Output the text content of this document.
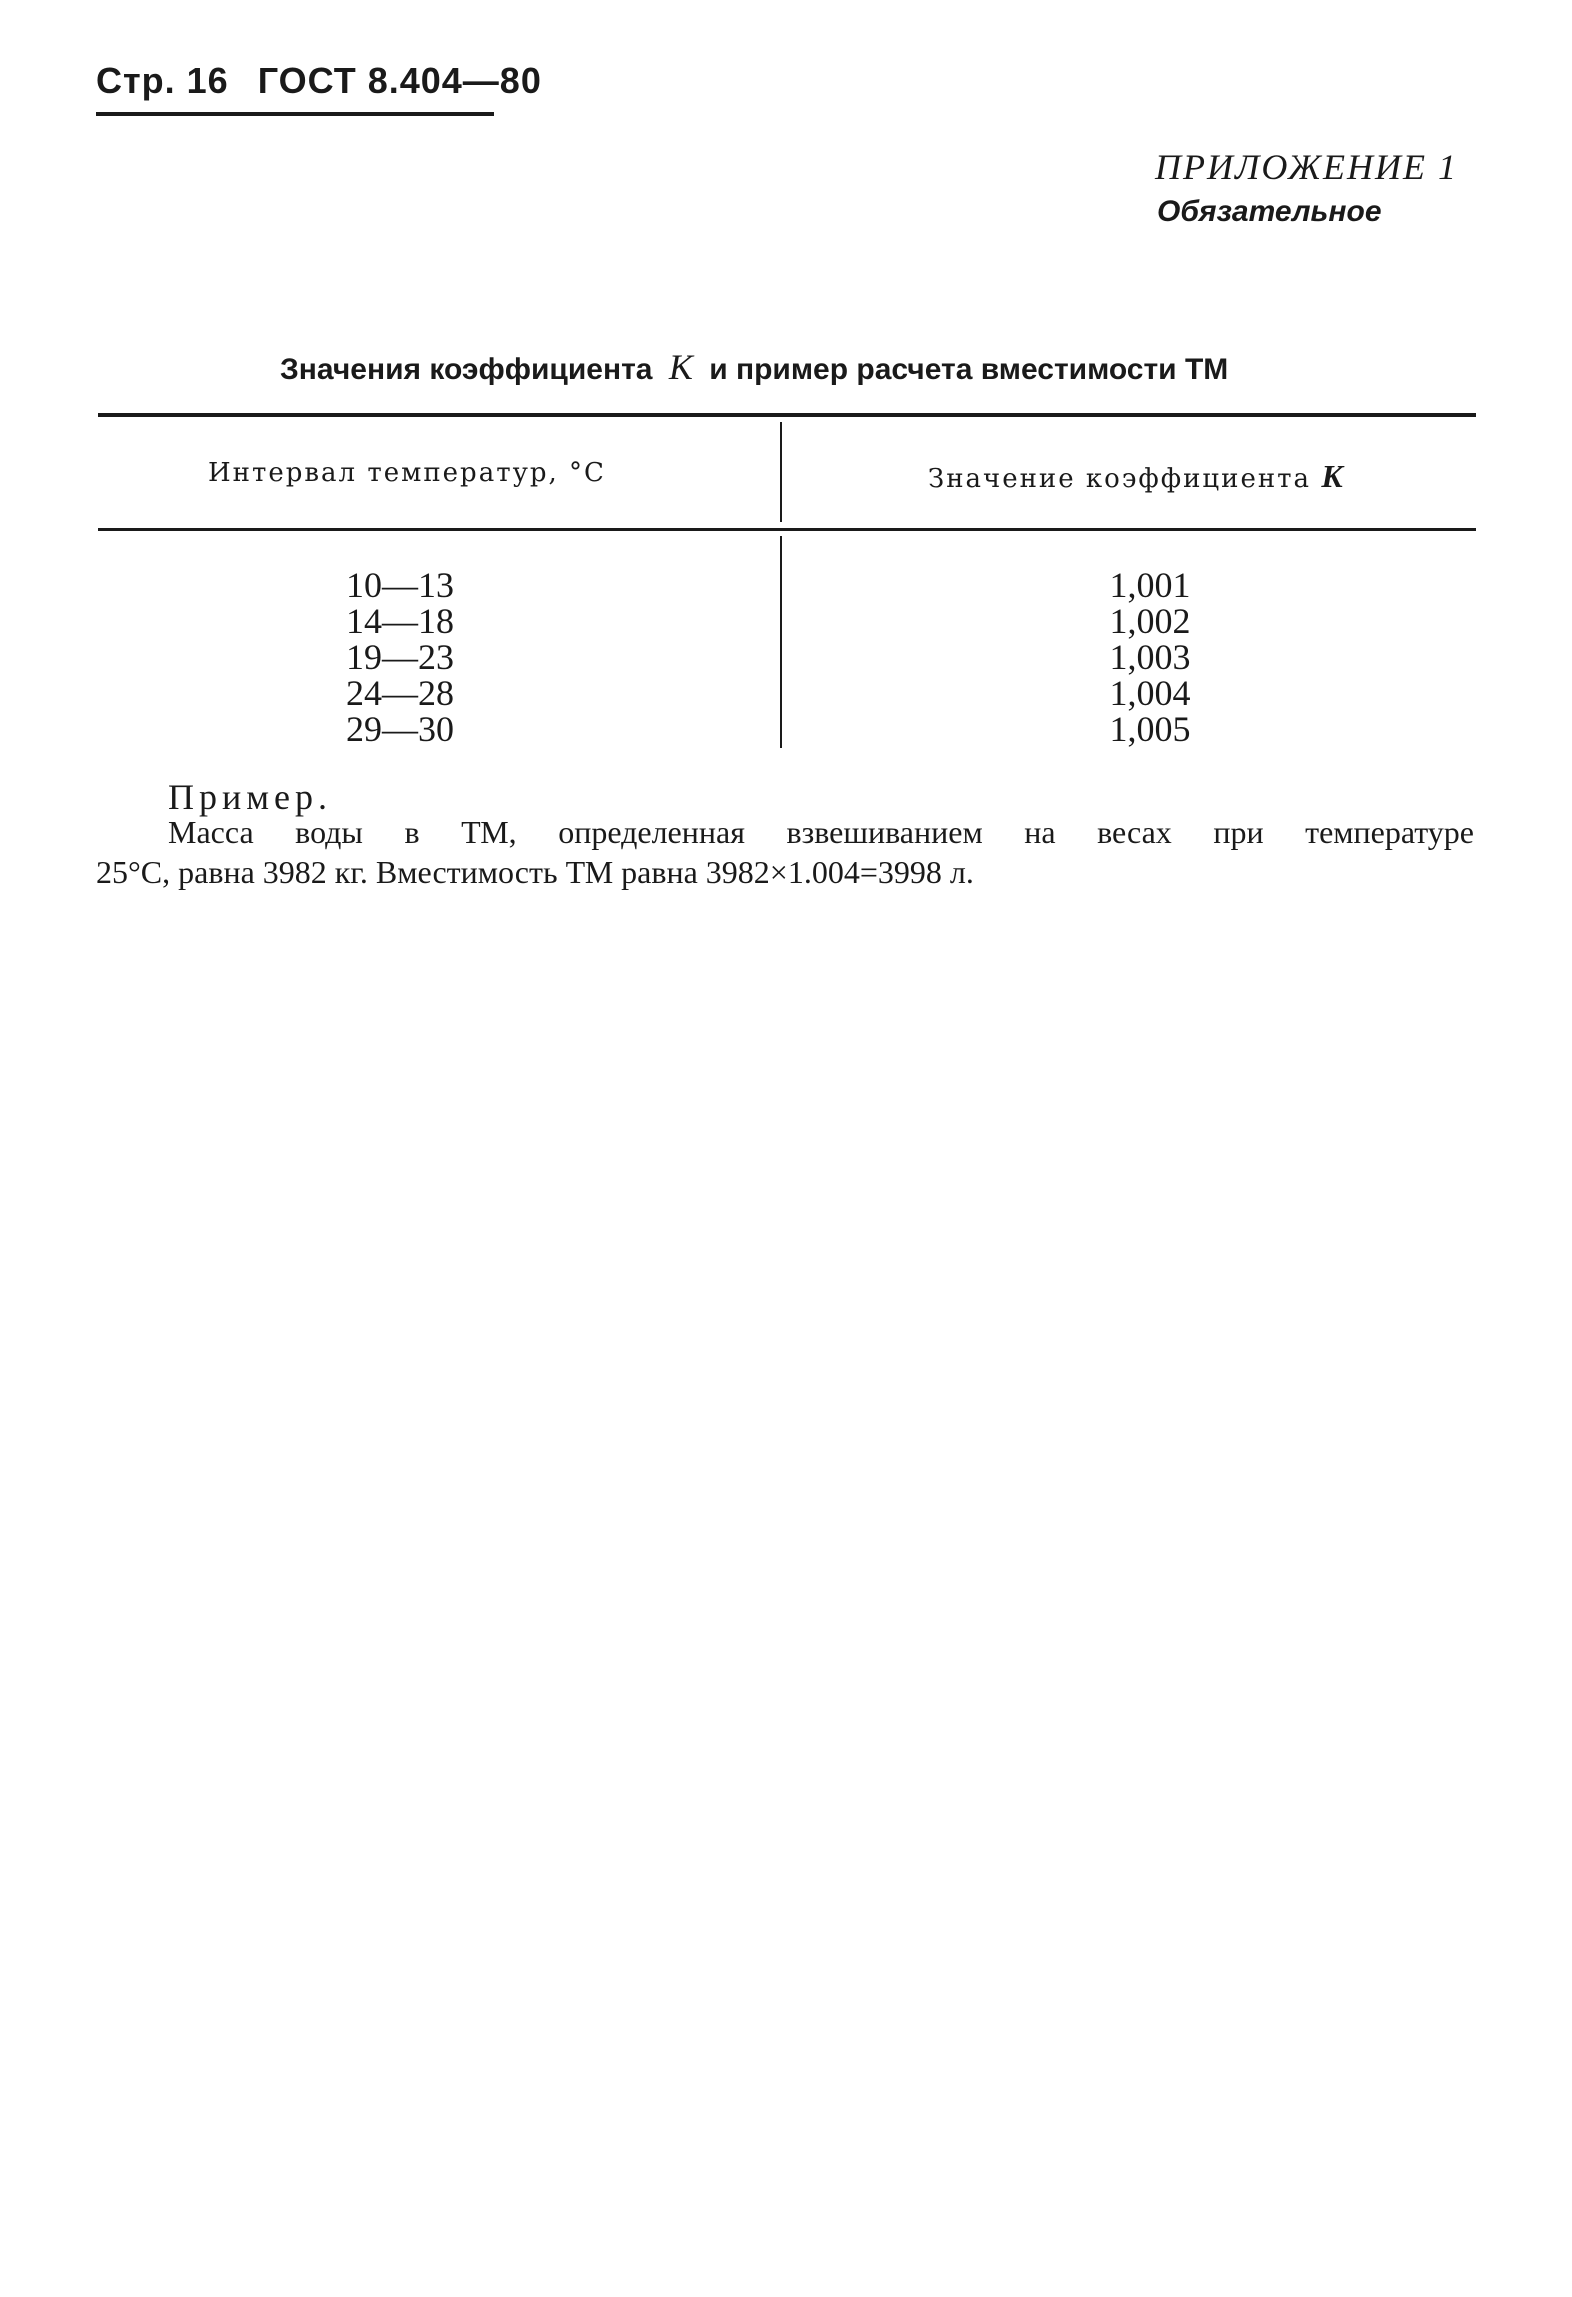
Стр. 16 ГОСТ 8.404—80
ПРИЛОЖЕНИЕ 1
Обязательное
Значения коэффициента K и пример расчета вместимости ТМ
Интервал температур, °С	Значение коэффициента K
10—13
14—18
19—23
24—28
29—30
1,001
1,002
1,003
1,004
1,005
Пример.
Масса воды в ТМ, определенная взвешиванием на весах при температуре
25°С, равна 3982 кг. Вместимость ТМ равна 3982×1.004=3998 л.
